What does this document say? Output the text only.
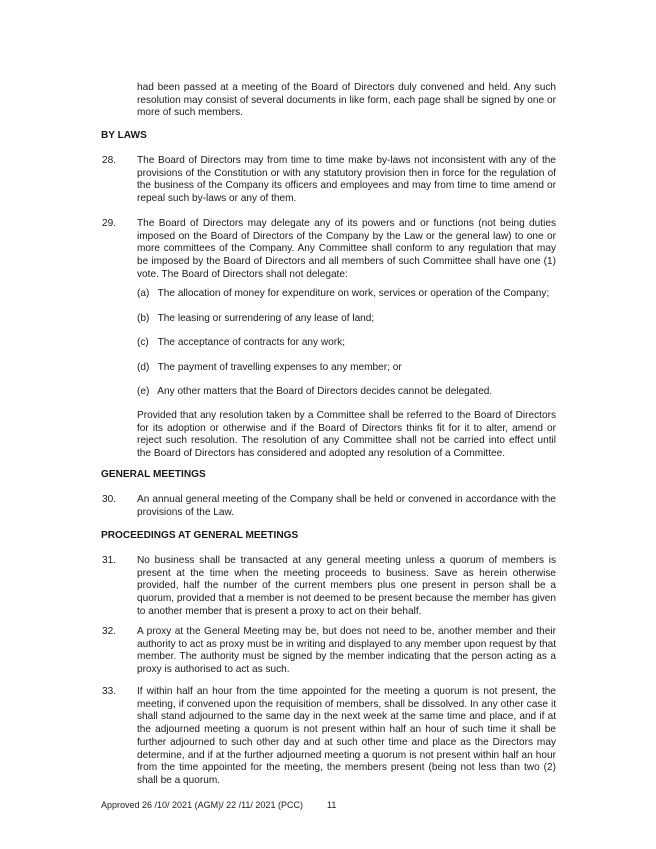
had been passed at a meeting of the Board of Directors duly convened and held. Any such resolution may consist of several documents in like form, each page shall be signed by one or more of such members.
BY LAWS
28. The Board of Directors may from time to time make by-laws not inconsistent with any of the provisions of the Constitution or with any statutory provision then in force for the regulation of the business of the Company its officers and employees and may from time to time amend or repeal such by-laws or any of them.
29. The Board of Directors may delegate any of its powers and or functions (not being duties imposed on the Board of Directors of the Company by the Law or the general law) to one or more committees of the Company. Any Committee shall conform to any regulation that may be imposed by the Board of Directors and all members of such Committee shall have one (1) vote. The Board of Directors shall not delegate:
(a) The allocation of money for expenditure on work, services or operation of the Company;
(b) The leasing or surrendering of any lease of land;
(c) The acceptance of contracts for any work;
(d) The payment of travelling expenses to any member; or
(e) Any other matters that the Board of Directors decides cannot be delegated.
Provided that any resolution taken by a Committee shall be referred to the Board of Directors for its adoption or otherwise and if the Board of Directors thinks fit for it to alter, amend or reject such resolution. The resolution of any Committee shall not be carried into effect until the Board of Directors has considered and adopted any resolution of a Committee.
GENERAL MEETINGS
30. An annual general meeting of the Company shall be held or convened in accordance with the provisions of the Law.
PROCEEDINGS AT GENERAL MEETINGS
31. No business shall be transacted at any general meeting unless a quorum of members is present at the time when the meeting proceeds to business. Save as herein otherwise provided, half the number of the current members plus one present in person shall be a quorum, provided that a member is not deemed to be present because the member has given to another member that is present a proxy to act on their behalf.
32. A proxy at the General Meeting may be, but does not need to be, another member and their authority to act as proxy must be in writing and displayed to any member upon request by that member. The authority must be signed by the member indicating that the person acting as a proxy is authorised to act as such.
33. If within half an hour from the time appointed for the meeting a quorum is not present, the meeting, if convened upon the requisition of members, shall be dissolved. In any other case it shall stand adjourned to the same day in the next week at the same time and place, and if at the adjourned meeting a quorum is not present within half an hour of such time it shall be further adjourned to such other day and at such other time and place as the Directors may determine, and if at the further adjourned meeting a quorum is not present within half an hour from the time appointed for the meeting, the members present (being not less than two (2) shall be a quorum.
Approved 26 /10/ 2021 (AGM)/ 22 /11/ 2021 (PCC)	11
